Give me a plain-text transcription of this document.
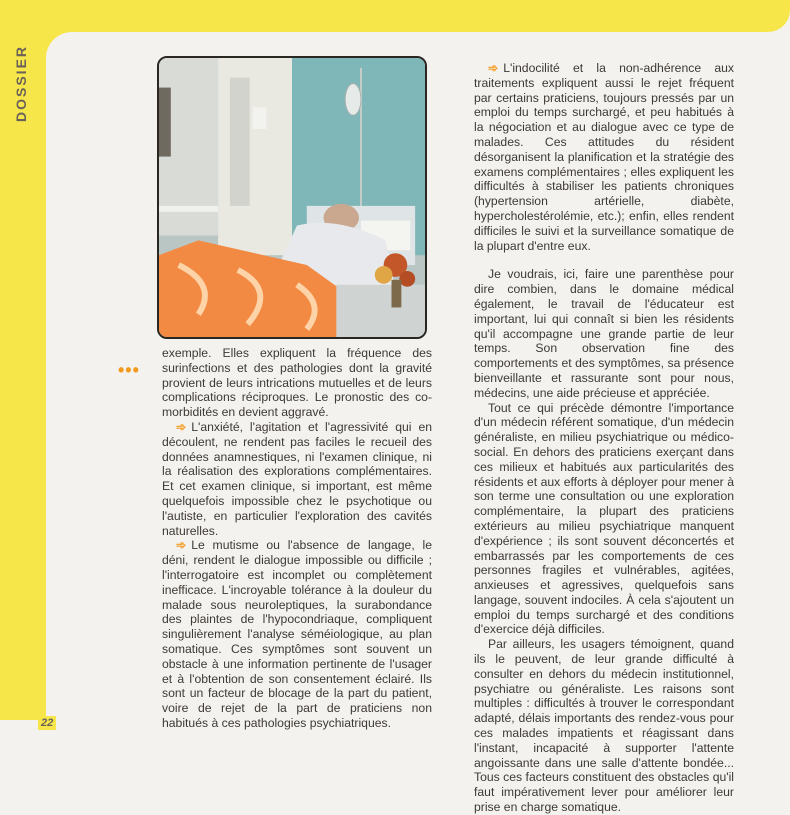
DOSSIER
•••

exemple. Elles expliquent la fréquence des surinfections et des pathologies dont la gravité provient de leurs intrications mutuelles et de leurs complications réciproques. Le pronostic des co-morbidités en devient aggravé.

➾ L'anxiété, l'agitation et l'agressivité qui en découlent, ne rendent pas faciles le recueil des données anamnestiques, ni l'examen clinique, ni la réalisation des explorations complémentaires. Et cet examen clinique, si important, est même quelquefois impossible chez le psychotique ou l'autiste, en particulier l'exploration des cavités naturelles.

➾ Le mutisme ou l'absence de langage, le déni, rendent le dialogue impossible ou difficile ; l'interrogatoire est incomplet ou complètement inefficace. L'incroyable tolérance à la douleur du malade sous neuroleptiques, la surabondance des plaintes de l'hypocondriaque, compliquent singulièrement l'analyse séméiologique, au plan somatique. Ces symptômes sont souvent un obstacle à une information pertinente de l'usager et à l'obtention de son consentement éclairé. Ils sont un facteur de blocage de la part du patient, voire de rejet de la part de praticiens non habitués à ces pathologies psychiatriques.

➾ L'indocilité et la non-adhérence aux traitements expliquent aussi le rejet fréquent par certains praticiens, toujours pressés par un emploi du temps surchargé, et peu habitués à la négociation et au dialogue avec ce type de malades. Ces attitudes du résident désorganisent la planification et la stratégie des examens complémentaires ; elles expliquent les difficultés à stabiliser les patients chroniques (hypertension artérielle, diabète, hypercholestérolémie, etc.); enfin, elles rendent difficiles le suivi et la surveillance somatique de la plupart d'entre eux.

Je voudrais, ici, faire une parenthèse pour dire combien, dans le domaine médical également, le travail de l'éducateur est important, lui qui connaît si bien les résidents qu'il accompagne une grande partie de leur temps. Son observation fine des comportements et des symptômes, sa présence bienveillante et rassurante sont pour nous, médecins, une aide précieuse et appréciée.

Tout ce qui précède démontre l'importance d'un médecin référent somatique, d'un médecin généraliste, en milieu psychiatrique ou médico-social. En dehors des praticiens exerçant dans ces milieux et habitués aux particularités des résidents et aux efforts à déployer pour mener à son terme une consultation ou une exploration complémentaire, la plupart des praticiens extérieurs au milieu psychiatrique manquent d'expérience ; ils sont souvent déconcertés et embarrassés par les comportements de ces personnes fragiles et vulnérables, agitées, anxieuses et agressives, quelquefois sans langage, souvent indociles. À cela s'ajoutent un emploi du temps surchargé et des conditions d'exercice déjà difficiles.

Par ailleurs, les usagers témoignent, quand ils le peuvent, de leur grande difficulté à consulter en dehors du médecin institutionnel, psychiatre ou généraliste. Les raisons sont multiples : difficultés à trouver le correspondant adapté, délais importants des rendez-vous pour ces malades impatients et réagissant dans l'instant, incapacité à supporter l'attente angoissante dans une salle d'attente bondée... Tous ces facteurs constituent des obstacles qu'il faut impérativement lever pour améliorer leur prise en charge somatique.

22
